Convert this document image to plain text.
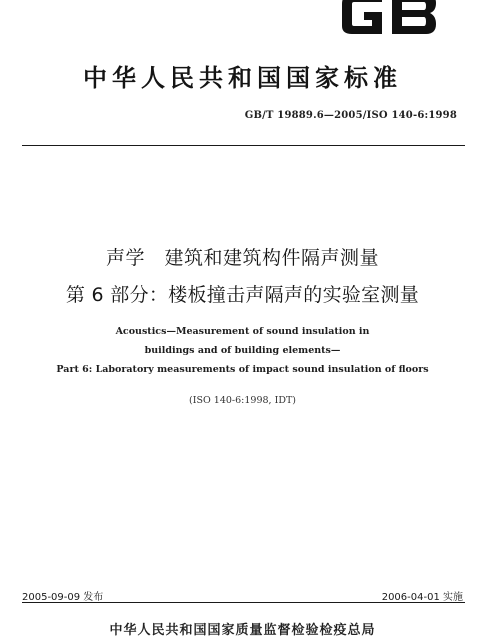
中华人民共和国国家标准
GB/T 19889.6—2005/ISO 140-6:1998
声学　建筑和建筑构件隔声测量
第 6 部分：楼板撞击声隔声的实验室测量
Acoustics—Measurement of sound insulation in
buildings and of building elements—
Part 6: Laboratory measurements of impact sound insulation of floors
(ISO 140-6:1998, IDT)
2005-09-09 发布	2006-04-01 实施
中华人民共和国国家质量监督检验检疫总局
